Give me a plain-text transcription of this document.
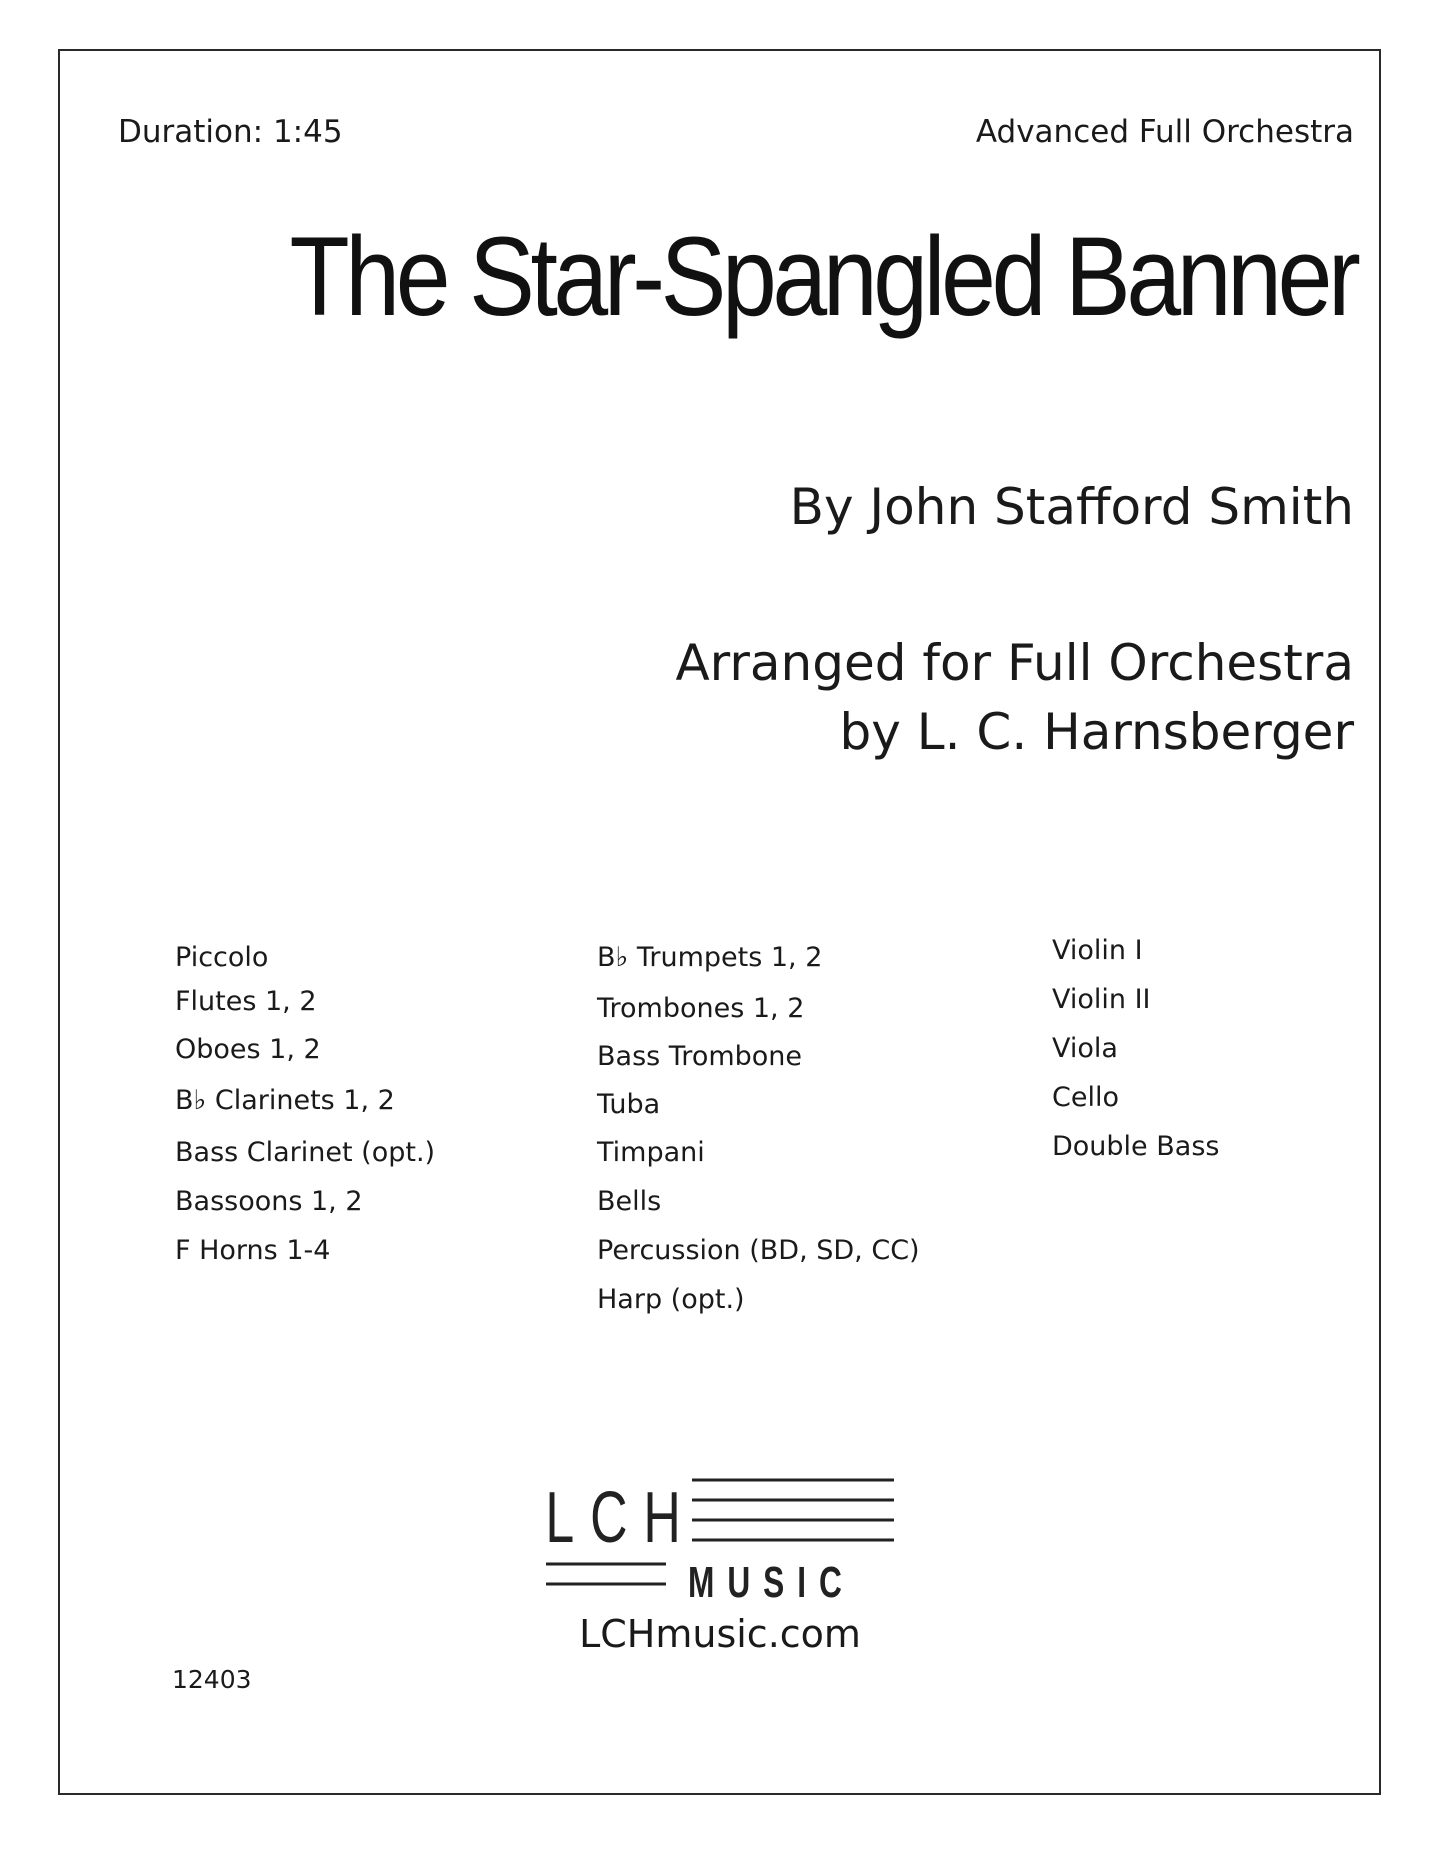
Duration: 1:45	Advanced Full Orchestra
The Star-Spangled Banner
By John Stafford Smith
Arranged for Full Orchestra
by L. C. Harnsberger
Piccolo
Flutes 1, 2
Oboes 1, 2
B♭ Clarinets 1, 2
Bass Clarinet (opt.)
Bassoons 1, 2
F Horns 1-4
B♭ Trumpets 1, 2
Trombones 1, 2
Bass Trombone
Tuba
Timpani
Bells
Percussion (BD, SD, CC)
Harp (opt.)
Violin I
Violin II
Viola
Cello
Double Bass
LCH
MUSIC
LCHmusic.com
12403
